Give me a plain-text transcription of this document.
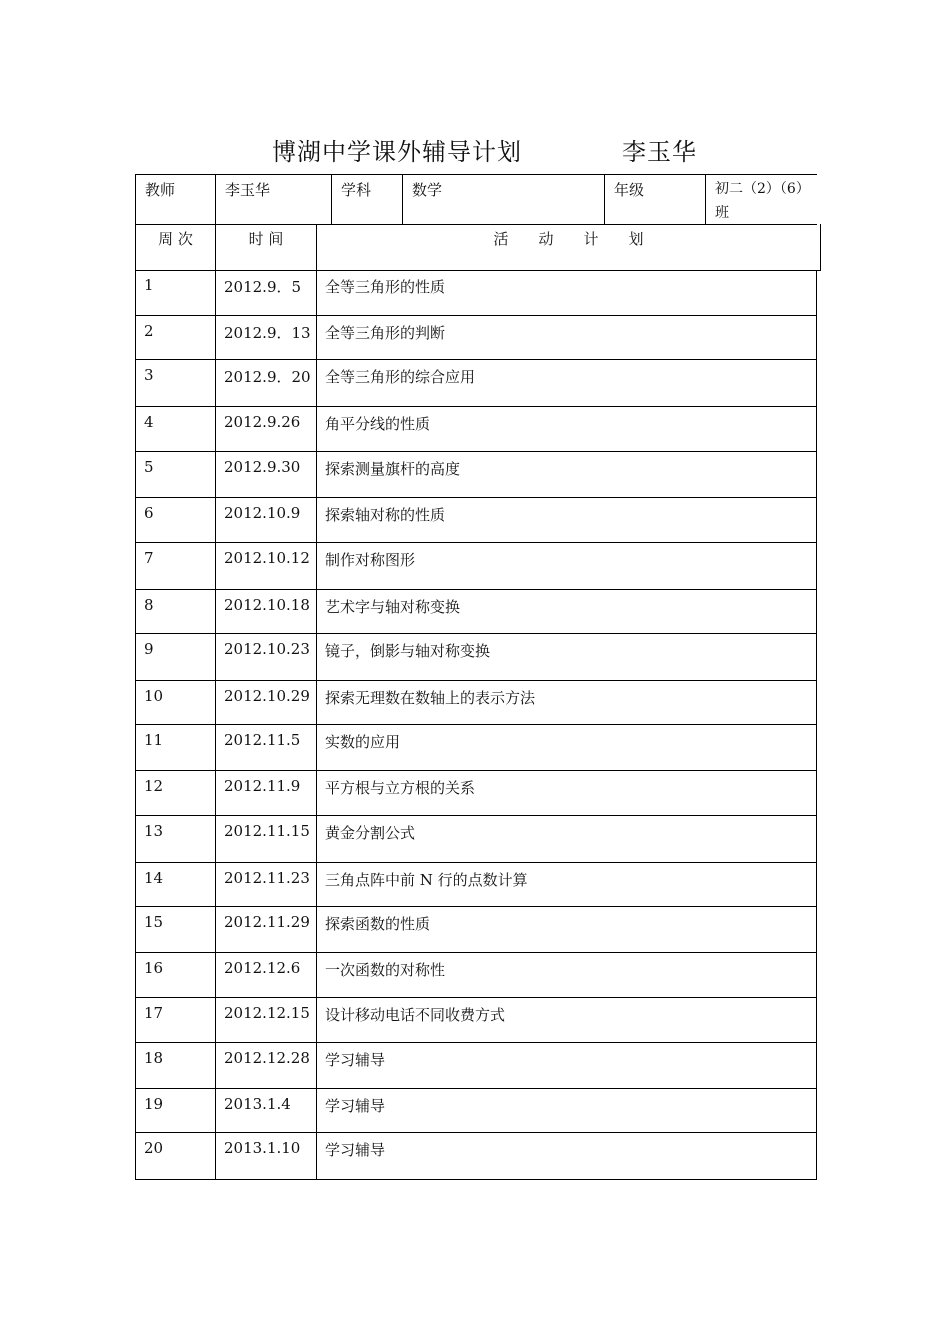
博湖中学课外辅导计划	李玉华
教师	李玉华	学科	数学	年级	初二（2）（6）
班
周 次	时 间	活　　动　　计　　划
1	2012.9．5	全等三角形的性质
2	2012.9．13 全等三角形的判断
3	2012.9．20 全等三角形的综合应用
4	2012.9.26	角平分线的性质
5	2012.9.30	探索测量旗杆的高度
6	2012.10.9	探索轴对称的性质
7	2012.10.12	制作对称图形
8	2012.10.18	艺术字与轴对称变换
9	2012.10.23	镜子，倒影与轴对称变换
10	2012.10.29	探索无理数在数轴上的表示方法
11	2012.11.5	实数的应用
12	2012.11.9	平方根与立方根的关系
13	2012.11.15	黄金分割公式
14	2012.11.23	三角点阵中前 N 行的点数计算
15	2012.11.29	探索函数的性质
16	2012.12.6	一次函数的对称性
17	2012.12.15	设计移动电话不同收费方式
18	2012.12.28	学习辅导
19	2013.1.4	学习辅导
20	2013.1.10	学习辅导
